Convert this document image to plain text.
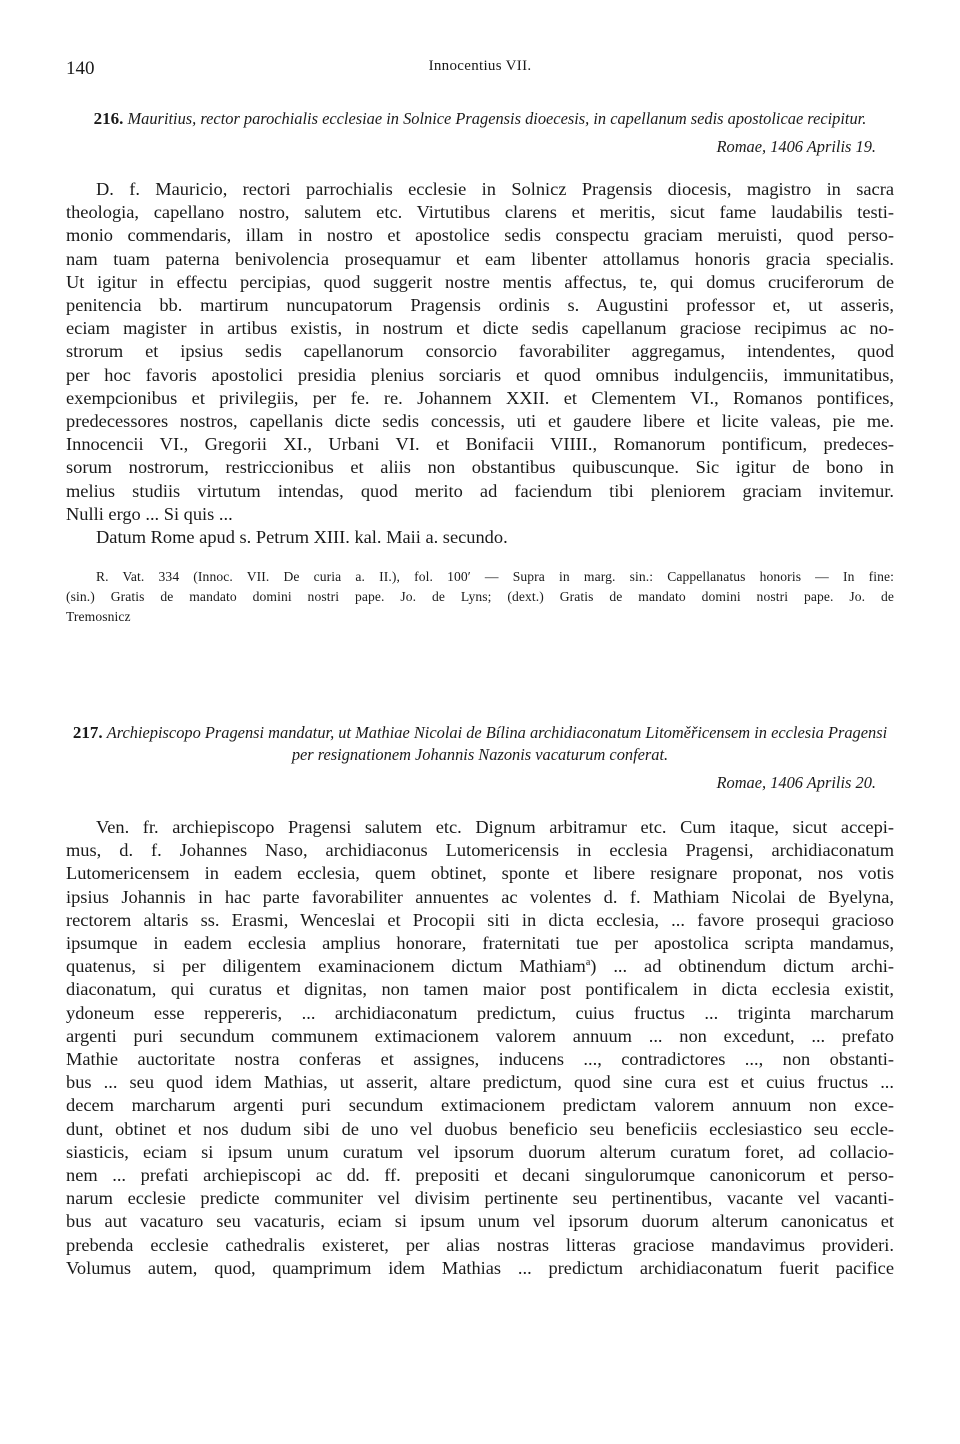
140	Innocentius VII.

216. Mauritius, rector parochialis ecclesiae in Solnice Pragensis dioecesis, in capellanum sedis apostolicae recipitur.

Romae, 1406 Aprilis 19.
D. f. Mauricio, rectori parrochialis ecclesie in Solnicz Pragensis diocesis, magistro in sacra
theologia, capellano nostro, salutem etc. Virtutibus clarens et meritis, sicut fame laudabilis testi-
monio commendaris, illam in nostro et apostolice sedis conspectu graciam meruisti, quod perso-
nam tuam paterna benivolencia prosequamur et eam libenter attollamus honoris gracia specialis.
Ut igitur in effectu percipias, quod suggerit nostre mentis affectus, te, qui domus cruciferorum de
penitencia bb. martirum nuncupatorum Pragensis ordinis s. Augustini professor et, ut asseris,
eciam magister in artibus existis, in nostrum et dicte sedis capellanum graciose recipimus ac no-
strorum et ipsius sedis capellanorum consorcio favorabiliter aggregamus, intendentes, quod
per hoc favoris apostolici presidia plenius sorciaris et quod omnibus indulgenciis, immunitatibus,
exempcionibus et privilegiis, per fe. re. Johannem XXII. et Clementem VI., Romanos pontifices,
predecessores nostros, capellanis dicte sedis concessis, uti et gaudere libere et licite valeas, pie me.
Innocencii VI., Gregorii XI., Urbani VI. et Bonifacii VIIII., Romanorum pontificum, predeces-
sorum nostrorum, restriccionibus et aliis non obstantibus quibuscunque. Sic igitur de bono in
melius studiis virtutum intendas, quod merito ad faciendum tibi pleniorem graciam invitemur.
Nulli ergo ... Si quis ...
Datum Rome apud s. Petrum XIII. kal. Maii a. secundo.
R. Vat. 334 (Innoc. VII. De curia a. II.), fol. 100′ — Supra in marg. sin.: Cappellanatus honoris — In fine:
(sin.) Gratis de mandato domini nostri pape. Jo. de Lyns; (dext.) Gratis de mandato domini nostri pape. Jo. de
Tremosnicz

217. Archiepiscopo Pragensi mandatur, ut Mathiae Nicolai de Bílina archidiaconatum Litoměřicensem in ecclesia Pragensi per resignationem Johannis Nazonis vacaturum conferat.

Romae, 1406 Aprilis 20.
Ven. fr. archiepiscopo Pragensi salutem etc. Dignum arbitramur etc. Cum itaque, sicut accepi-
mus, d. f. Johannes Naso, archidiaconus Lutomericensis in ecclesia Pragensi, archidiaconatum
Lutomericensem in eadem ecclesia, quem obtinet, sponte et libere resignare proponat, nos votis
ipsius Johannis in hac parte favorabiliter annuentes ac volentes d. f. Mathiam Nicolai de Byelyna,
rectorem altaris ss. Erasmi, Wenceslai et Procopii siti in dicta ecclesia, ... favore prosequi gracioso
ipsumque in eadem ecclesia amplius honorare, fraternitati tue per apostolica scripta mandamus,
quatenus, si per diligentem examinacionem dictum Mathiam$^a$) ... ad obtinendum dictum archi-
diaconatum, qui curatus et dignitas, non tamen maior post pontificalem in dicta ecclesia existit,
ydoneum esse reppereris, ... archidiaconatum predictum, cuius fructus ... triginta marcharum
argenti puri secundum communem extimacionem valorem annuum ... non excedunt, ... prefato
Mathie auctoritate nostra conferas et assignes, inducens ..., contradictores ..., non obstanti-
bus ... seu quod idem Mathias, ut asserit, altare predictum, quod sine cura est et cuius fructus ...
decem marcharum argenti puri secundum extimacionem predictam valorem annuum non exce-
dunt, obtinet et nos dudum sibi de uno vel duobus beneficio seu beneficiis ecclesiastico seu eccle-
siasticis, eciam si ipsum unum curatum vel ipsorum duorum alterum curatum foret, ad collacio-
nem ... prefati archiepiscopi ac dd. ff. prepositi et decani singulorumque canonicorum et perso-
narum ecclesie predicte communiter vel divisim pertinente seu pertinentibus, vacante vel vacanti-
bus aut vacaturo seu vacaturis, eciam si ipsum unum vel ipsorum duorum alterum canonicatus et
prebenda ecclesie cathedralis existeret, per alias nostras litteras graciose mandavimus provideri.
Volumus autem, quod, quamprimum idem Mathias ... predictum archidiaconatum fuerit pacifice
